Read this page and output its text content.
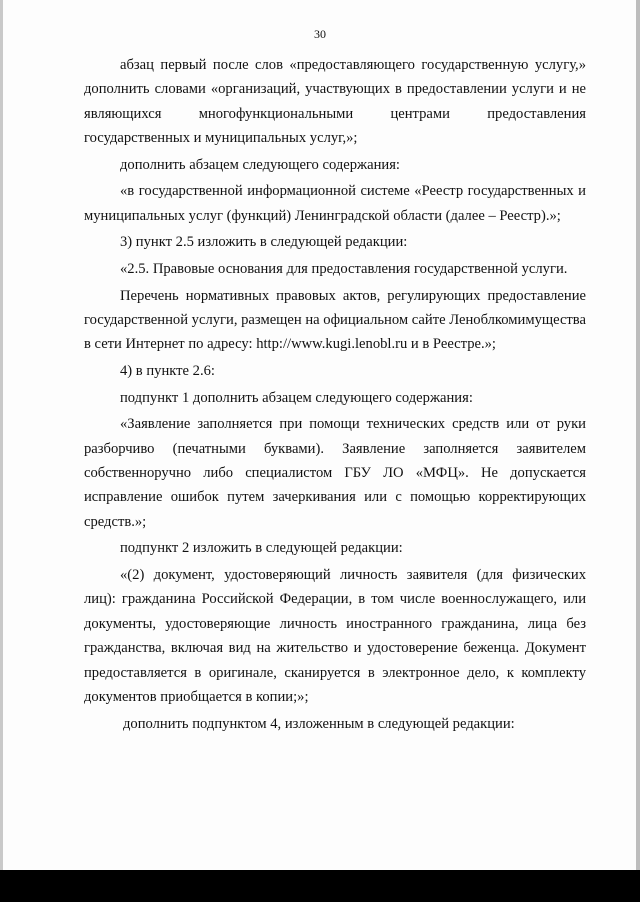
30

абзац первый после слов «предоставляющего государственную услугу,» дополнить словами «организаций, участвующих в предоставлении услуги и не являющихся многофункциональными центрами предоставления государственных и муниципальных услуг,»;

дополнить абзацем следующего содержания:

«в государственной информационной системе «Реестр государственных и муниципальных услуг (функций) Ленинградской области (далее – Реестр).»;

3) пункт 2.5 изложить в следующей редакции:

«2.5. Правовые основания для предоставления государственной услуги.

Перечень нормативных правовых актов, регулирующих предоставление государственной услуги, размещен на официальном сайте Леноблкомимущества в сети Интернет по адресу: http://www.kugi.lenobl.ru и в Реестре.»;

4) в пункте 2.6:

подпункт 1 дополнить абзацем следующего содержания:

«Заявление заполняется при помощи технических средств или от руки разборчиво (печатными буквами). Заявление заполняется заявителем собственноручно либо специалистом ГБУ ЛО «МФЦ». Не допускается исправление ошибок путем зачеркивания или с помощью корректирующих средств.»;

подпункт 2 изложить в следующей редакции:

«(2) документ, удостоверяющий личность заявителя (для физических лиц): гражданина Российской Федерации, в том числе военнослужащего, или документы, удостоверяющие личность иностранного гражданина, лица без гражданства, включая вид на жительство и удостоверение беженца. Документ предоставляется в оригинале, сканируется в электронное дело, к комплекту документов приобщается в копии;»;

дополнить подпунктом 4, изложенным в следующей редакции:
